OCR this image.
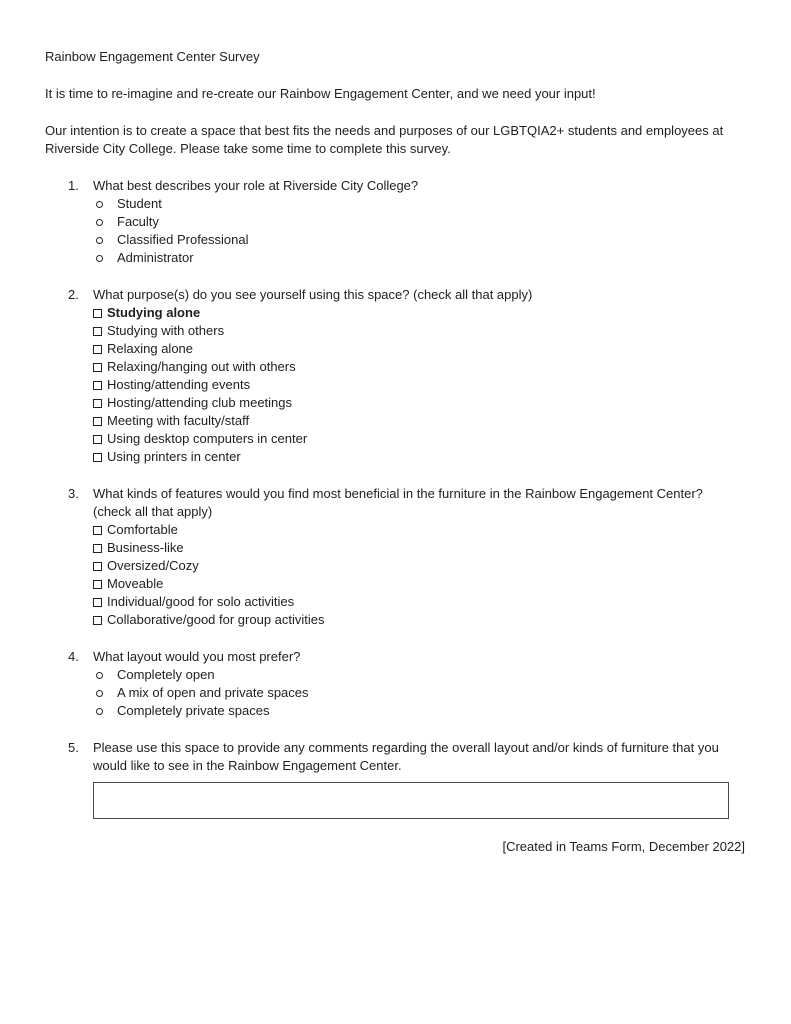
Rainbow Engagement Center Survey

It is time to re-imagine and re-create our Rainbow Engagement Center, and we need your input!

Our intention is to create a space that best fits the needs and purposes of our LGBTQIA2+ students and employees at Riverside City College. Please take some time to complete this survey.

1.	What best describes your role at Riverside City College?
Student
Faculty
Classified Professional
Administrator
2.	What purpose(s) do you see yourself using this space? (check all that apply)
Studying alone
Studying with others
Relaxing alone
Relaxing/hanging out with others
Hosting/attending events
Hosting/attending club meetings
Meeting with faculty/staff
Using desktop computers in center
Using printers in center
3.	What kinds of features would you find most beneficial in the furniture in the Rainbow Engagement Center? (check all that apply)
Comfortable
Business-like
Oversized/Cozy
Moveable
Individual/good for solo activities
Collaborative/good for group activities
4.	What layout would you most prefer?
Completely open
A mix of open and private spaces
Completely private spaces
5.	Please use this space to provide any comments regarding the overall layout and/or kinds of furniture that you would like to see in the Rainbow Engagement Center.

[Created in Teams Form, December 2022]
